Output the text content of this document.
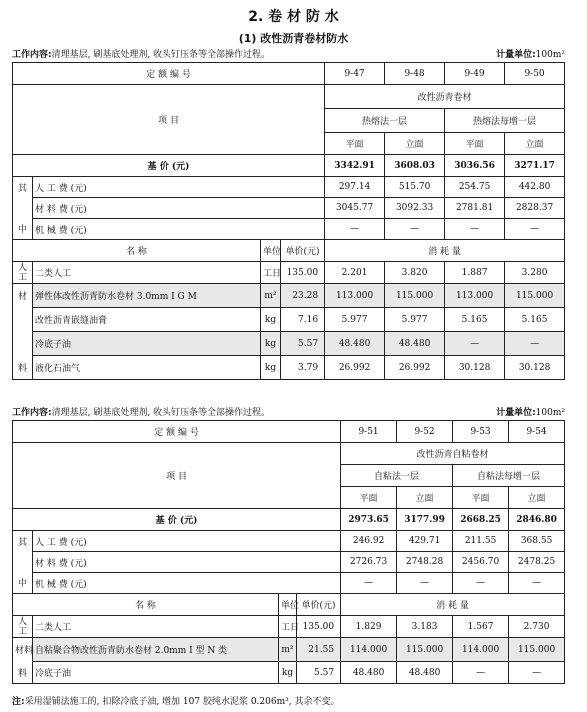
2. 卷 材 防 水
(1) 改性沥青卷材防水
工作内容:清理基层, 刷基底处理剂, 收头钉压条等全部操作过程。	计量单位:100m²
定 额 编 号				9-47	9-48	9-49	9-50
项 目				改性沥青卷材			
				热熔法一层		热熔法每增一层	
				平面	立面	平面	立面
基 价 (元)				3342.91	3608.03	3036.56	3271.17
其	人 工 费 (元)			297.14	515.70	254.75	442.80
	材 料 费 (元)			3045.77	3092.33	2781.81	2828.37
中	机 械 费 (元)			—	—	—	—
名 称		单位	单价(元)	消 耗 量			
人工	二类人工	工日	135.00	2.201	3.820	1.887	3.280
材	弹性体改性沥青防水卷材 3.0mm I G M	m²	23.28	113.000	115.000	113.000	115.000
	改性沥青嵌缝油膏	kg	7.16	5.977	5.977	5.165	5.165
	冷底子油	kg	5.57	48.480	48.480	—	—
料	液化石油气	kg	3.79	26.992	26.992	30.128	30.128
工作内容:清理基层, 刷基底处理剂, 收头钉压条等全部操作过程。	计量单位:100m²
定 额 编 号				9-51	9-52	9-53	9-54
项 目				改性沥青自粘卷材			
				自粘法一层		自粘法每增一层	
				平面	立面	平面	立面
基 价 (元)				2973.65	3177.99	2668.25	2846.80
其	人 工 费 (元)			246.92	429.71	211.55	368.55
	材 料 费 (元)			2726.73	2748.28	2456.70	2478.25
中	机 械 费 (元)			—	—	—	—
名 称		单位	单价(元)	消 耗 量			
人工	二类人工	工日	135.00	1.829	3.183	1.567	2.730
材料	自粘聚合物改性沥青防水卷材 2.0mm I 型 N 类	m²	21.55	114.000	115.000	114.000	115.000
料	冷底子油	kg	5.57	48.480	48.480	—	—
注:采用湿铺法施工的, 扣除冷底子油, 增加 107 胶纯水泥浆 0.206m³, 其余不变。
